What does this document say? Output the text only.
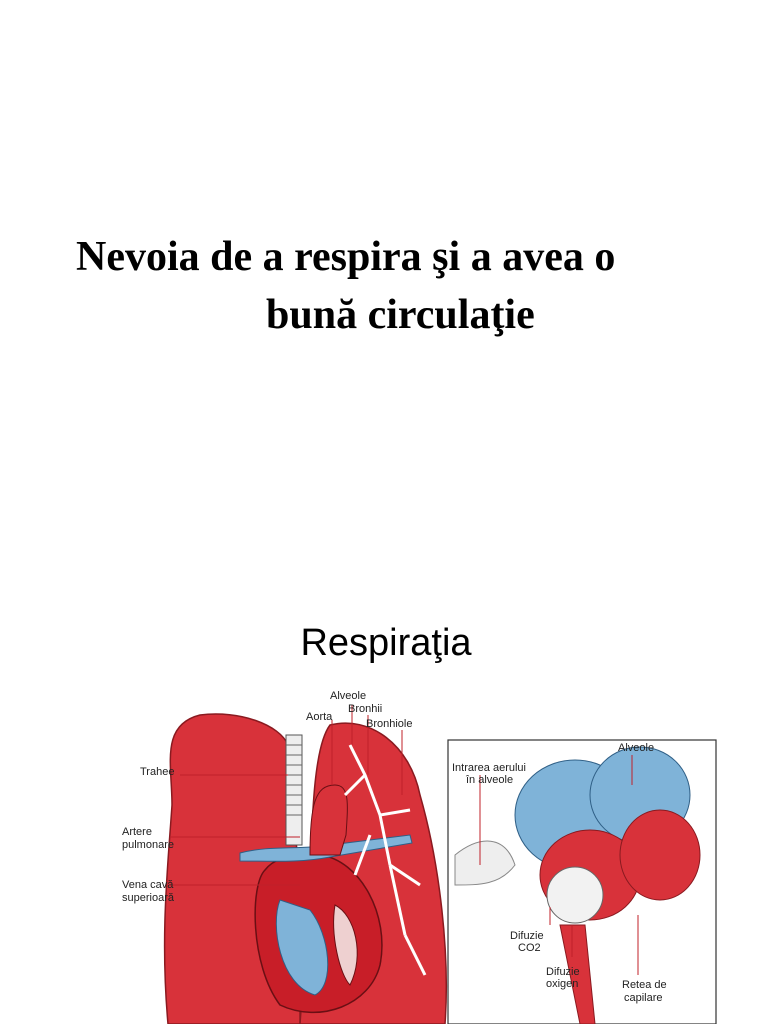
Nevoia de a respira şi a avea o
bună circulaţie
Respiraţia
Alveole
Aorta
Bronhii
Bronhiole
Trahee
Artere
pulmonare
Vena cavă
superioară
Intrarea aerului
în alveole
Alveole
Difuzie
CO2
Difuzie
oxigen	Retea de
capilare
